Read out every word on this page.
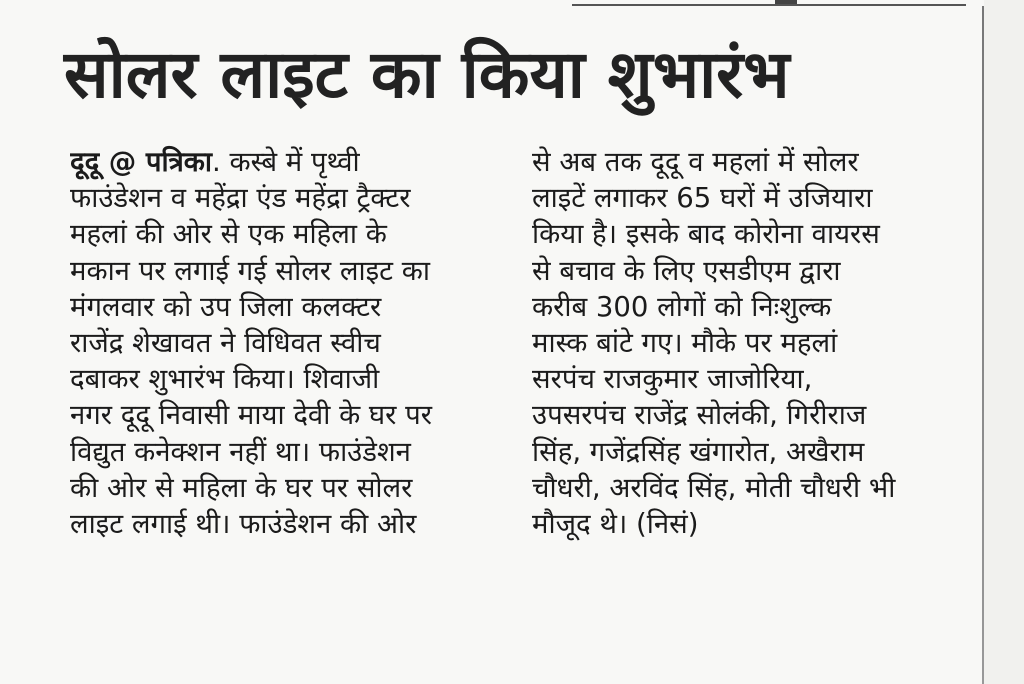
सोलर लाइट का किया शुभारंभ
दूदू @ पत्रिका. कस्बे में पृथ्वी
फाउंडेशन व महेंद्रा एंड महेंद्रा ट्रैक्टर
महलां की ओर से एक महिला के
मकान पर लगाई गई सोलर लाइट का
मंगलवार को उप जिला कलक्टर
राजेंद्र शेखावत ने विधिवत स्वीच
दबाकर शुभारंभ किया। शिवाजी
नगर दूदू निवासी माया देवी के घर पर
विद्युत कनेक्शन नहीं था। फाउंडेशन
की ओर से महिला के घर पर सोलर
लाइट लगाई थी। फाउंडेशन की ओर
से अब तक दूदू व महलां में सोलर
लाइटें लगाकर 65 घरों में उजियारा
किया है। इसके बाद कोरोना वायरस
से बचाव के लिए एसडीएम द्वारा
करीब 300 लोगों को निःशुल्क
मास्क बांटे गए। मौके पर महलां
सरपंच राजकुमार जाजोरिया,
उपसरपंच राजेंद्र सोलंकी, गिरीराज
सिंह, गजेंद्रसिंह खंगारोत, अखैराम
चौधरी, अरविंद सिंह, मोती चौधरी भी
मौजूद थे। (निसं)
